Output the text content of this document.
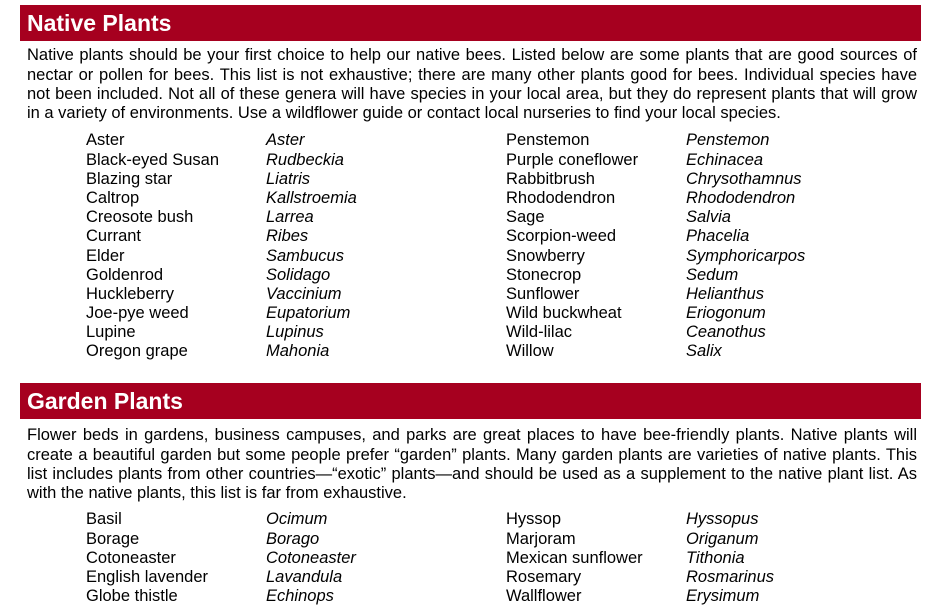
Native Plants

Native plants should be your first choice to help our native bees. Listed below are some plants that are good sources of nectar or pollen for bees. This list is not exhaustive; there are many other plants good for bees. Individual species have not been included. Not all of these genera will have species in your local area, but they do represent plants that will grow in a variety of environments. Use a wildflower guide or contact local nurseries to find your local species.

Aster	Aster	Penstemon	Penstemon
Black-eyed Susan	Rudbeckia	Purple coneflower	Echinacea
Blazing star	Liatris	Rabbitbrush	Chrysothamnus
Caltrop	Kallstroemia	Rhododendron	Rhododendron
Creosote bush	Larrea	Sage	Salvia
Currant	Ribes	Scorpion-weed	Phacelia
Elder	Sambucus	Snowberry	Symphoricarpos
Goldenrod	Solidago	Stonecrop	Sedum
Huckleberry	Vaccinium	Sunflower	Helianthus
Joe-pye weed	Eupatorium	Wild buckwheat	Eriogonum
Lupine	Lupinus	Wild-lilac	Ceanothus
Oregon grape	Mahonia	Willow	Salix
Garden Plants

Flower beds in gardens, business campuses, and parks are great places to have bee-friendly plants. Native plants will create a beautiful garden but some people prefer “garden” plants. Many garden plants are varieties of native plants. This list includes plants from other countries—“exotic” plants—and should be used as a supplement to the native plant list. As with the native plants, this list is far from exhaustive.

Basil	Ocimum	Hyssop	Hyssopus
Borage	Borago	Marjoram	Origanum
Cotoneaster	Cotoneaster	Mexican sunflower	Tithonia
English lavender	Lavandula	Rosemary	Rosmarinus
Globe thistle	Echinops	Wallflower	Erysimum
